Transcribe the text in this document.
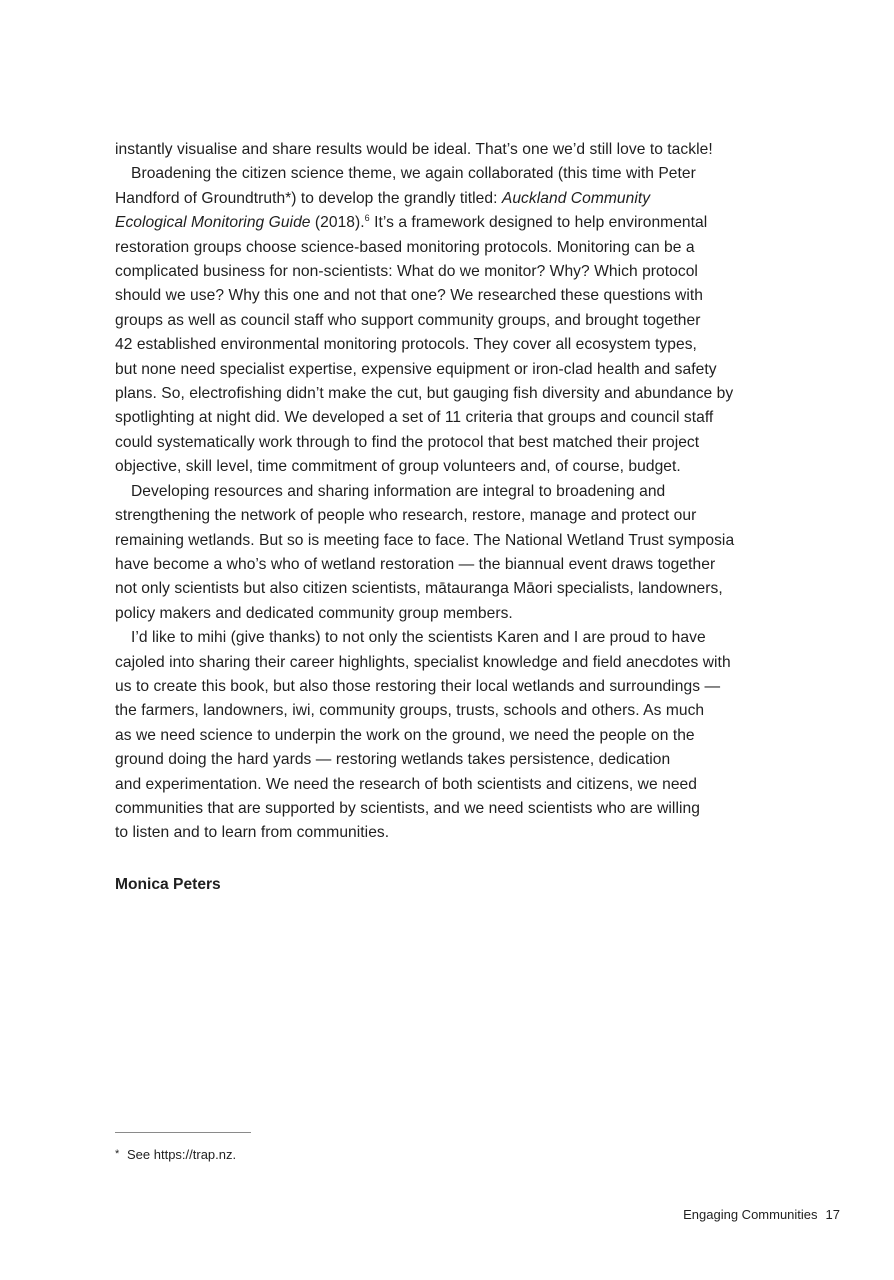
instantly visualise and share results would be ideal. That’s one we’d still love to tackle!

Broadening the citizen science theme, we again collaborated (this time with Peter
Handford of Groundtruth*) to develop the grandly titled: Auckland Community
Ecological Monitoring Guide (2018).$^6$ It’s a framework designed to help environmental
restoration groups choose science-based monitoring protocols. Monitoring can be a
complicated business for non-scientists: What do we monitor? Why? Which protocol
should we use? Why this one and not that one? We researched these questions with
groups as well as council staff who support community groups, and brought together
42 established environmental monitoring protocols. They cover all ecosystem types,
but none need specialist expertise, expensive equipment or iron-clad health and safety
plans. So, electrofishing didn’t make the cut, but gauging fish diversity and abundance by
spotlighting at night did. We developed a set of 11 criteria that groups and council staff
could systematically work through to find the protocol that best matched their project
objective, skill level, time commitment of group volunteers and, of course, budget.

Developing resources and sharing information are integral to broadening and
strengthening the network of people who research, restore, manage and protect our
remaining wetlands. But so is meeting face to face. The National Wetland Trust symposia
have become a who’s who of wetland restoration — the biannual event draws together
not only scientists but also citizen scientists, mātauranga Māori specialists, landowners,
policy makers and dedicated community group members.

I’d like to mihi (give thanks) to not only the scientists Karen and I are proud to have
cajoled into sharing their career highlights, specialist knowledge and field anecdotes with
us to create this book, but also those restoring their local wetlands and surroundings —
the farmers, landowners, iwi, community groups, trusts, schools and others. As much
as we need science to underpin the work on the ground, we need the people on the
ground doing the hard yards — restoring wetlands takes persistence, dedication
and experimentation. We need the research of both scientists and citizens, we need
communities that are supported by scientists, and we need scientists who are willing
to listen and to learn from communities.

Monica Peters
* See https://trap.nz.
Engaging Communities 17
